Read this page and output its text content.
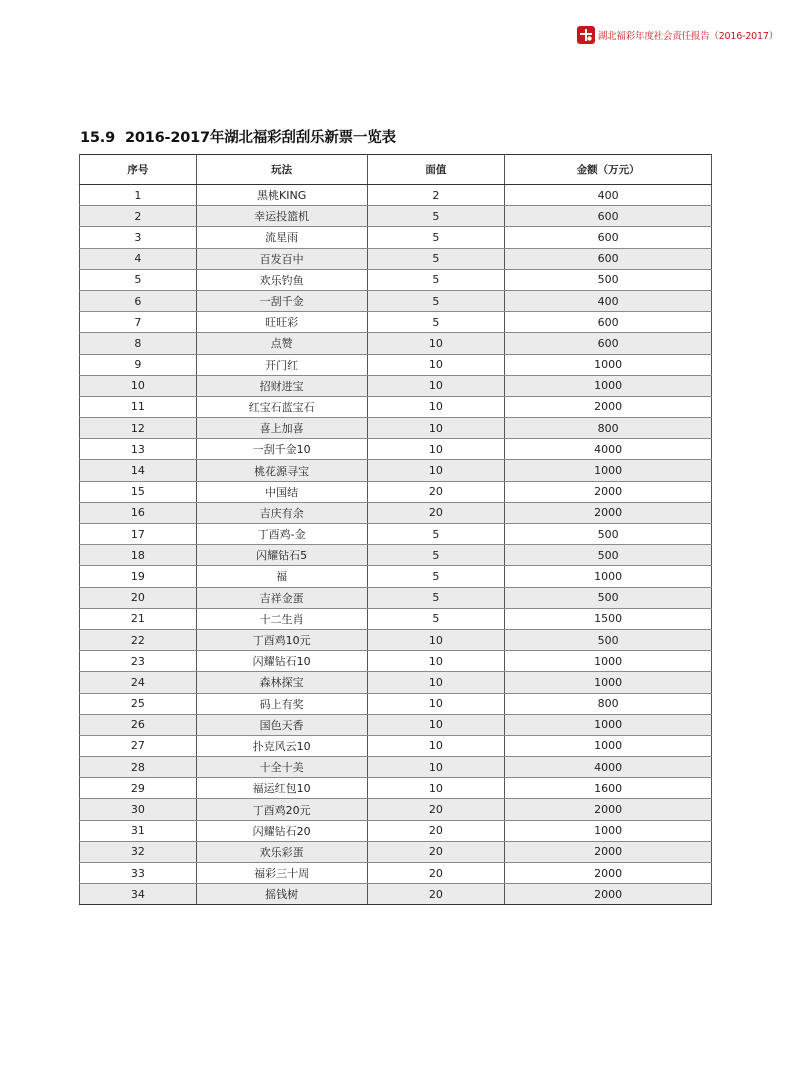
湖北福彩年度社会责任报告（2016-2017）
15.9 2016-2017年湖北福彩刮刮乐新票一览表
序号	玩法	面值	金额（万元）
1	黑桃KING	2	400
2	幸运投篮机	5	600
3	流星雨	5	600
4	百发百中	5	600
5	欢乐钓鱼	5	500
6	一刮千金	5	400
7	旺旺彩	5	600
8	点赞	10	600
9	开门红	10	1000
10	招财进宝	10	1000
11	红宝石蓝宝石	10	2000
12	喜上加喜	10	800
13	一刮千金10	10	4000
14	桃花源寻宝	10	1000
15	中国结	20	2000
16	吉庆有余	20	2000
17	丁酉鸡-金	5	500
18	闪耀钻石5	5	500
19	福	5	1000
20	吉祥金蛋	5	500
21	十二生肖	5	1500
22	丁酉鸡10元	10	500
23	闪耀钻石10	10	1000
24	森林探宝	10	1000
25	码上有奖	10	800
26	国色天香	10	1000
27	扑克风云10	10	1000
28	十全十美	10	4000
29	福运红包10	10	1600
30	丁酉鸡20元	20	2000
31	闪耀钻石20	20	1000
32	欢乐彩蛋	20	2000
33	福彩三十周	20	2000
34	摇钱树	20	2000
